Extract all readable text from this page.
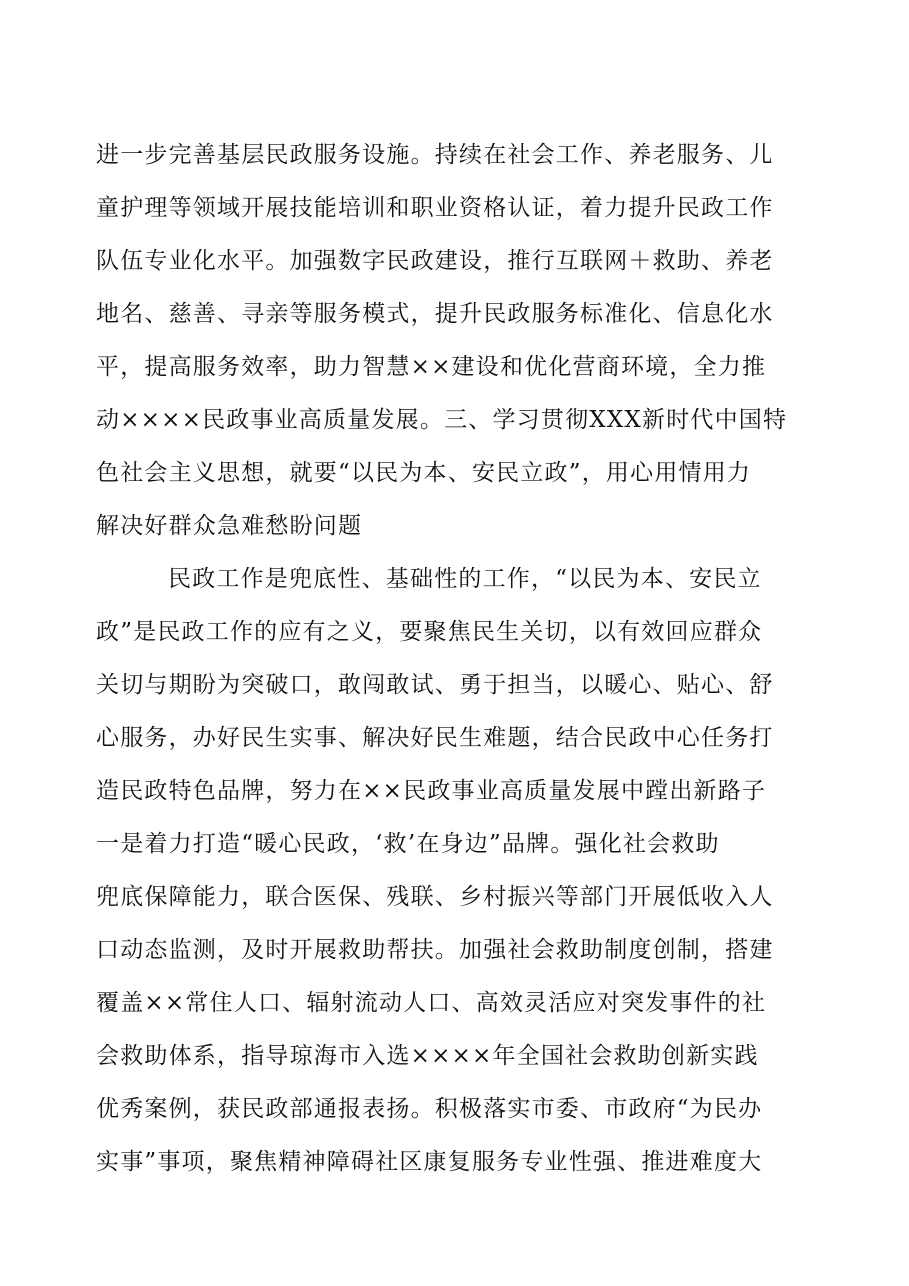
进一步完善基层民政服务设施。持续在社会工作、养老服务、儿
童护理等领域开展技能培训和职业资格认证，着力提升民政工作
队伍专业化水平。加强数字民政建设，推行互联网＋救助、养老
地名、慈善、寻亲等服务模式，提升民政服务标准化、信息化水
平，提高服务效率，助力智慧××建设和优化营商环境，全力推
动××××民政事业高质量发展。三、学习贯彻XXX新时代中国特
色社会主义思想，就要“以民为本、安民立政”，用心用情用力
解决好群众急难愁盼问题
民政工作是兜底性、基础性的工作，“以民为本、安民立
政”是民政工作的应有之义，要聚焦民生关切，以有效回应群众
关切与期盼为突破口，敢闯敢试、勇于担当，以暖心、贴心、舒
心服务，办好民生实事、解决好民生难题，结合民政中心任务打
造民政特色品牌，努力在××民政事业高质量发展中蹚出新路子
一是着力打造“暖心民政，‘救’在身边”品牌。强化社会救助
兜底保障能力，联合医保、残联、乡村振兴等部门开展低收入人
口动态监测，及时开展救助帮扶。加强社会救助制度创制，搭建
覆盖××常住人口、辐射流动人口、高效灵活应对突发事件的社
会救助体系，指导琼海市入选××××年全国社会救助创新实践
优秀案例，获民政部通报表扬。积极落实市委、市政府“为民办
实事”事项，聚焦精神障碍社区康复服务专业性强、推进难度大
